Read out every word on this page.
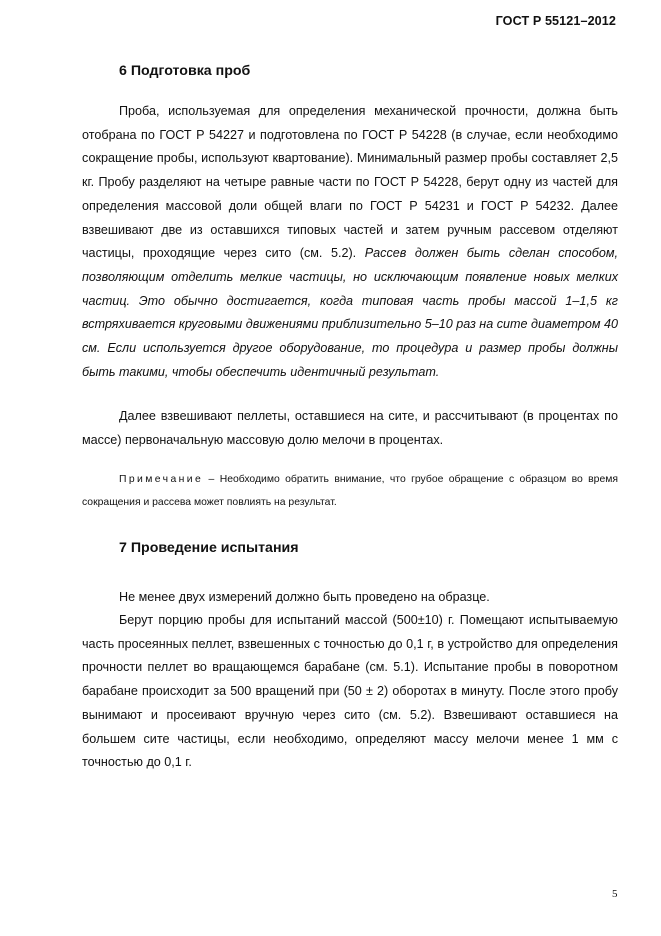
ГОСТ Р 55121–2012
6 Подготовка проб
Проба, используемая для определения механической прочности, должна быть отобрана по ГОСТ Р 54227 и подготовлена по ГОСТ Р 54228 (в случае, если необходимо сокращение пробы, используют квартование). Минимальный размер пробы составляет 2,5 кг. Пробу разделяют на четыре равные части по ГОСТ Р 54228, берут одну из частей для определения массовой доли общей влаги по ГОСТ Р 54231 и ГОСТ Р 54232. Далее взвешивают две из оставшихся типовых частей и затем ручным рассевом отделяют частицы, проходящие через сито (см. 5.2). Рассев должен быть сделан способом, позволяющим отделить мелкие частицы, но исключающим появление новых мелких частиц. Это обычно достигается, когда типовая часть пробы массой 1–1,5 кг встряхивается круговыми движениями приблизительно 5–10 раз на сите диаметром 40 см. Если используется другое оборудование, то процедура и размер пробы должны быть такими, чтобы обеспечить идентичный результат.
Далее взвешивают пеллеты, оставшиеся на сите, и рассчитывают (в процентах по массе) первоначальную массовую долю мелочи в процентах.
Примечание – Необходимо обратить внимание, что грубое обращение с образцом во время сокращения и рассева может повлиять на результат.
7 Проведение испытания
Не менее двух измерений должно быть проведено на образце.
Берут порцию пробы для испытаний массой (500±10) г. Помещают испытываемую часть просеянных пеллет, взвешенных с точностью до 0,1 г, в устройство для определения прочности пеллет во вращающемся барабане (см. 5.1). Испытание пробы в поворотном барабане происходит за 500 вращений при (50 ± 2) оборотах в минуту. После этого пробу вынимают и просеивают вручную через сито (см. 5.2). Взвешивают оставшиеся на большем сите частицы, если необходимо, определяют массу мелочи менее 1 мм с точностью до 0,1 г.
5
